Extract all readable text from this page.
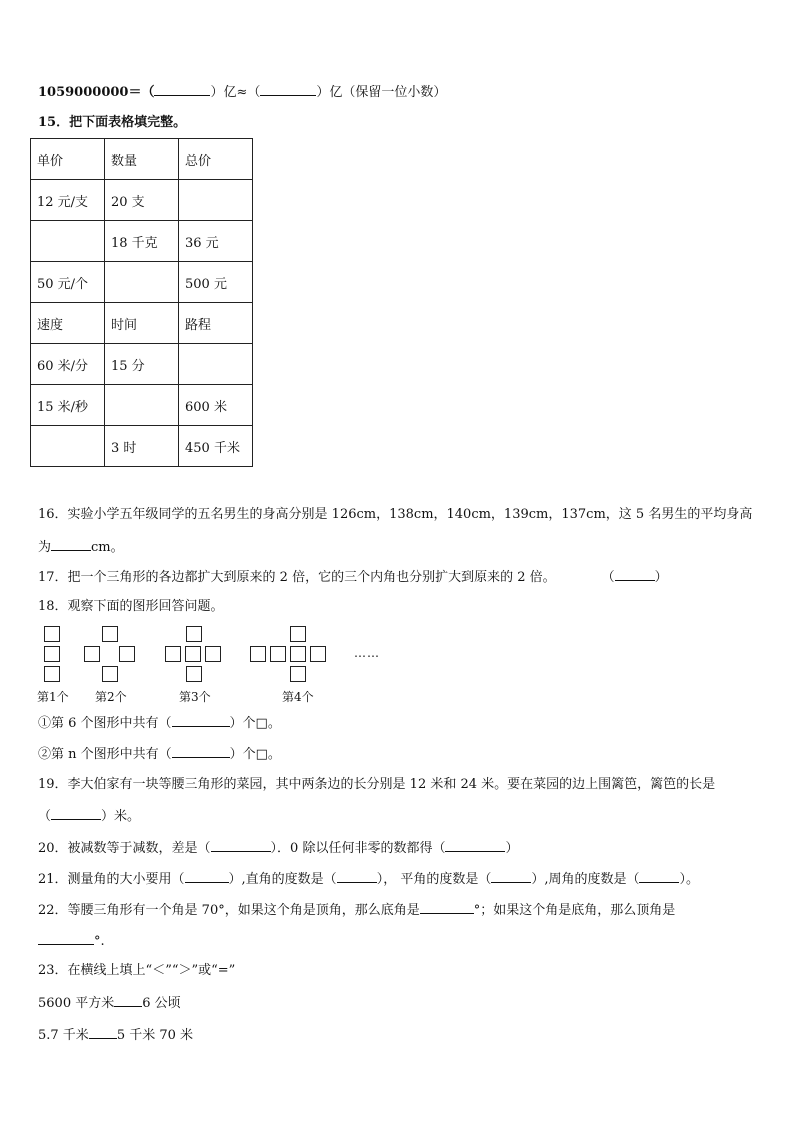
1059000000＝（	）亿≈（	）亿（保留一位小数）
15．把下面表格填完整。
单价	数量	总价
12 元/支	20 支	
	18 千克	36 元
50 元/个		500 元
速度	时间	路程
60 米/分	15 分	
15 米/秒		600 米
	3 时	450 千米
16．实验小学五年级同学的五名男生的身高分别是 126cm，138cm，140cm，139cm，137cm，这 5 名男生的平均身高
为	cm。
17．把一个三角形的各边都扩大到原来的 2 倍，它的三个内角也分别扩大到原来的 2 倍。	（	）
18．观察下面的图形回答问题。
……
第1个 第2个	第3个	第4个
①第 6 个图形中共有（	）个□。
②第 n 个图形中共有（	）个□。
19．李大伯家有一块等腰三角形的菜园，其中两条边的长分别是 12 米和 24 米。要在菜园的边上围篱笆，篱笆的长是
（	）米。
20．被减数等于减数，差是（	）．0 除以任何非零的数都得（	）
21．测量角的大小要用（	）,直角的度数是（	）， 平角的度数是（	）,周角的度数是（	）。
22．等腰三角形有一个角是 70°，如果这个角是顶角，那么底角是	°；如果这个角是底角，那么顶角是
°.
23．在横线上填上“＜”“＞”或“=”
5600 平方米 6 公顷
5.7 千米 5 千米 70 米
